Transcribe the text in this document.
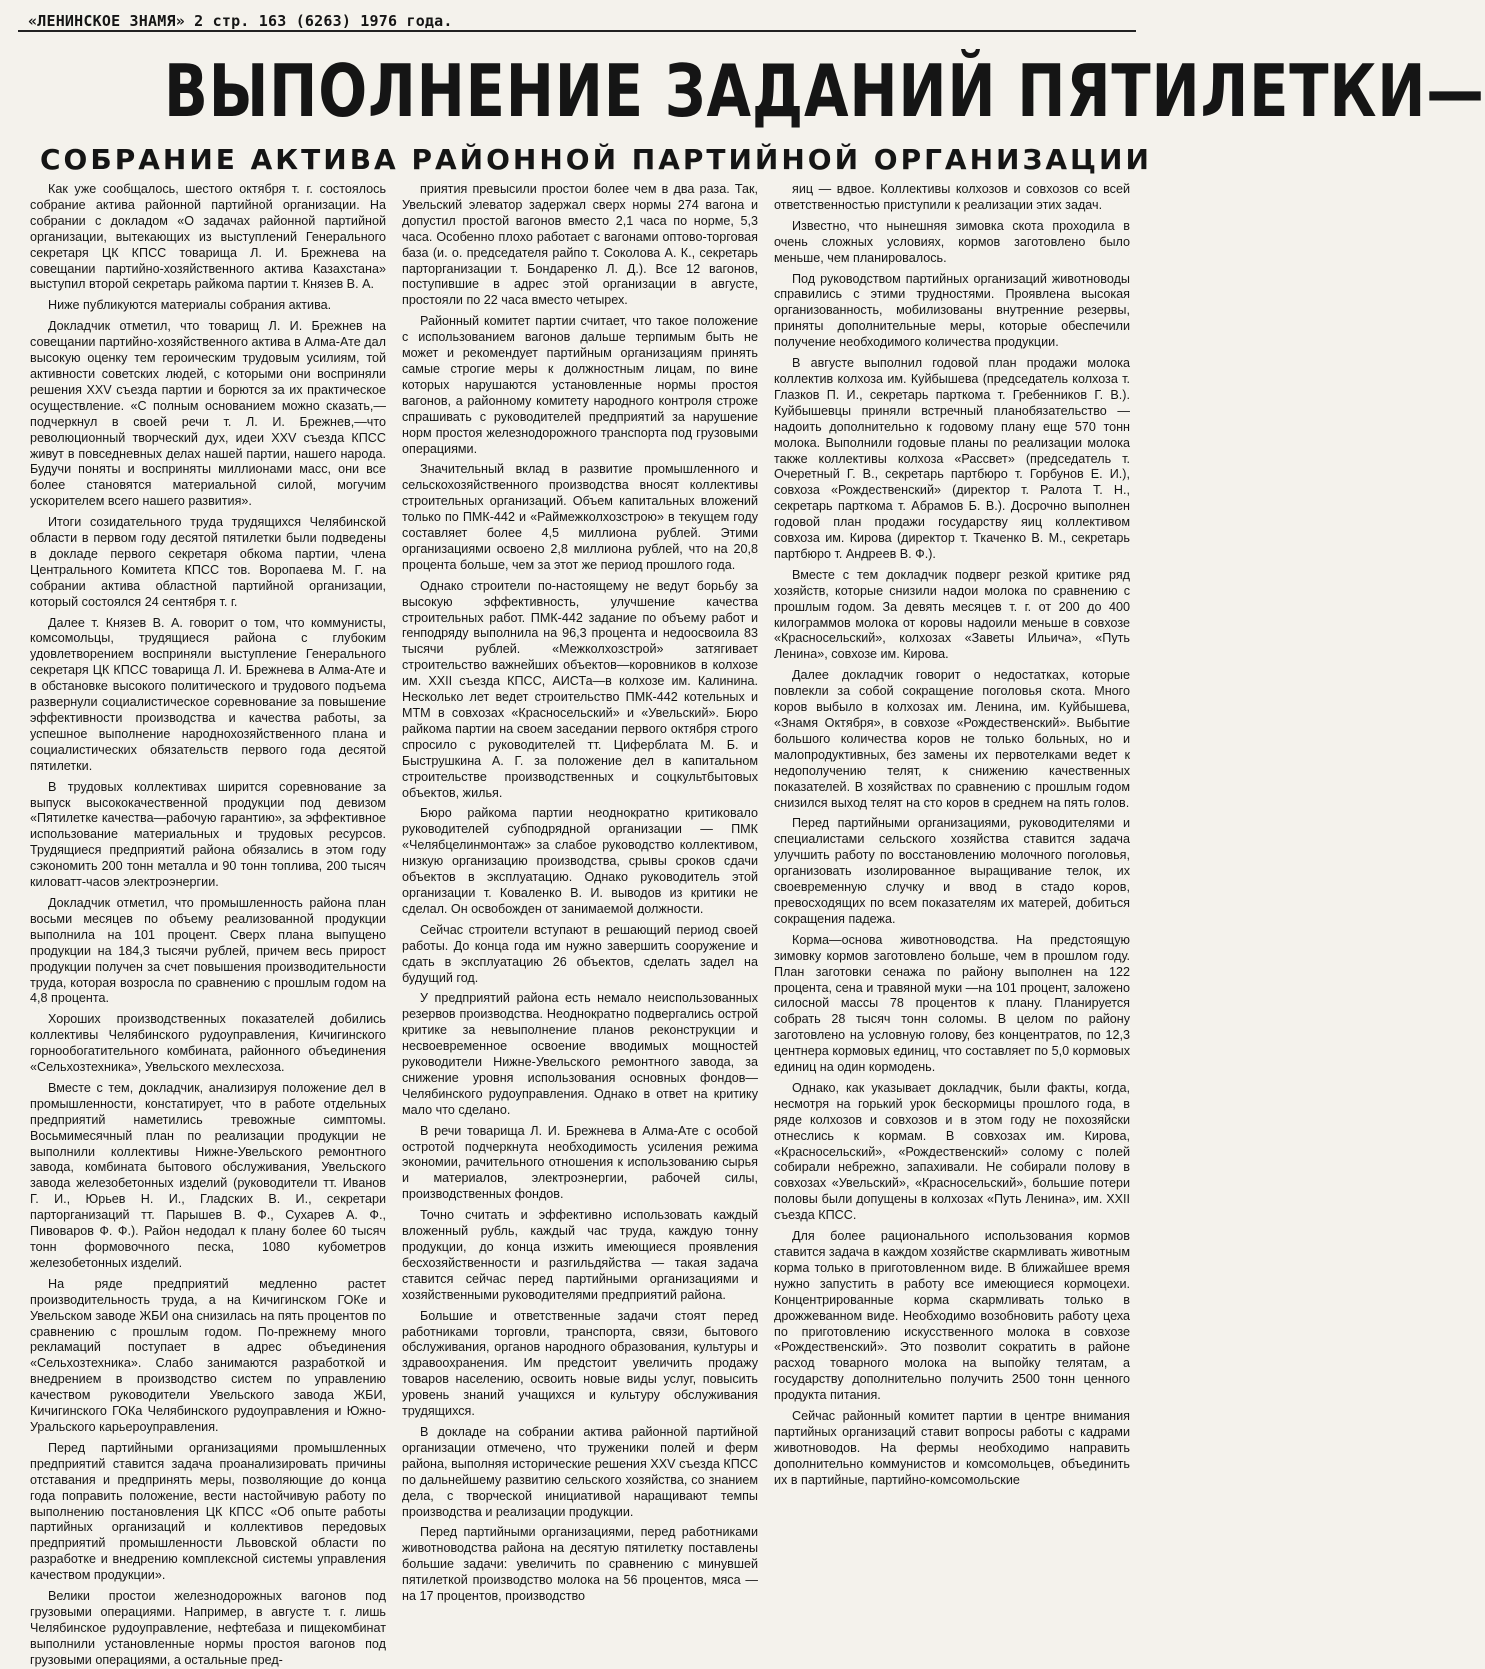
«ЛЕНИНСКОЕ ЗНАМЯ» 2 стр. 163 (6263) 1976 года.
ВЫПОЛНЕНИЕ ЗАДАНИЙ ПЯТИЛЕТКИ—
СОБРАНИЕ АКТИВА РАЙОННОЙ ПАРТИЙНОЙ ОРГАНИЗАЦИИ

Как уже сообщалось, шестого октября т. г. состоялось собрание актива районной партийной организации. На собрании с докладом «О задачах районной партийной организации, вытекающих из выступлений Генерального секретаря ЦК КПСС товарища Л. И. Брежнева на совещании партийно-хозяйственного актива Казахстана» выступил второй секретарь райкома партии т. Князев В. А.

Ниже публикуются материалы собрания актива.

Докладчик отметил, что товарищ Л. И. Брежнев на совещании партийно-хозяйственного актива в Алма-Ате дал высокую оценку тем героическим трудовым усилиям, той активности советских людей, с которыми они восприняли решения XXV съезда партии и борются за их практическое осуществление. «С полным основанием можно сказать,—подчеркнул в своей речи т. Л. И. Брежнев,—что революционный творческий дух, идеи XXV съезда КПСС живут в повседневных делах нашей партии, нашего народа. Будучи поняты и восприняты миллионами масс, они все более становятся материальной силой, могучим ускорителем всего нашего развития».

Итоги созидательного труда трудящихся Челябинской области в первом году десятой пятилетки были подведены в докладе первого секретаря обкома партии, члена Центрального Комитета КПСС тов. Воропаева М. Г. на собрании актива областной партийной организации, который состоялся 24 сентября т. г.

Далее т. Князев В. А. говорит о том, что коммунисты, комсомольцы, трудящиеся района с глубоким удовлетворением восприняли выступление Генерального секретаря ЦК КПСС товарища Л. И. Брежнева в Алма-Ате и в обстановке высокого политического и трудового подъема развернули социалистическое соревнование за повышение эффективности производства и качества работы, за успешное выполнение народнохозяйственного плана и социалистических обязательств первого года десятой пятилетки.

В трудовых коллективах ширится соревнование за выпуск высококачественной продукции под девизом «Пятилетке качества—рабочую гарантию», за эффективное использование материальных и трудовых ресурсов. Трудящиеся предприятий района обязались в этом году сэкономить 200 тонн металла и 90 тонн топлива, 200 тысяч киловатт-часов электроэнергии.

Докладчик отметил, что промышленность района план восьми месяцев по объему реализованной продукции выполнила на 101 процент. Сверх плана выпущено продукции на 184,3 тысячи рублей, причем весь прирост продукции получен за счет повышения производительности труда, которая возросла по сравнению с прошлым годом на 4,8 процента.

Хороших производственных показателей добились коллективы Челябинского рудоуправления, Кичигинского горнообогатительного комбината, районного объединения «Сельхозтехника», Увельского мехлесхоза.

Вместе с тем, докладчик, анализируя положение дел в промышленности, констатирует, что в работе отдельных предприятий наметились тревожные симптомы. Восьмимесячный план по реализации продукции не выполнили коллективы Нижне-Увельского ремонтного завода, комбината бытового обслуживания, Увельского завода железобетонных изделий (руководители тт. Иванов Г. И., Юрьев Н. И., Гладских В. И., секретари парторганизаций тт. Парышев В. Ф., Сухарев А. Ф., Пивоваров Ф. Ф.). Район недодал к плану более 60 тысяч тонн формовочного песка, 1080 кубометров железобетонных изделий.

На ряде предприятий медленно растет производительность труда, а на Кичигинском ГОКе и Увельском заводе ЖБИ она снизилась на пять процентов по сравнению с прошлым годом. По-прежнему много рекламаций поступает в адрес объединения «Сельхозтехника». Слабо занимаются разработкой и внедрением в производство систем по управлению качеством руководители Увельского завода ЖБИ, Кичигинского ГОКа Челябинского рудоуправления и Южно-Уральского карьероуправления.

Перед партийными организациями промышленных предприятий ставится задача проанализировать причины отставания и предпринять меры, позволяющие до конца года поправить положение, вести настойчивую работу по выполнению постановления ЦК КПСС «Об опыте работы партийных организаций и коллективов передовых предприятий промышленности Львовской области по разработке и внедрению комплексной системы управления качеством продукции».

Велики простои железнодорожных вагонов под грузовыми операциями. Например, в августе т. г. лишь Челябинское рудоуправление, нефтебаза и пищекомбинат выполнили установленные нормы простоя вагонов под грузовыми операциями, а остальные пред-

приятия превысили простои более чем в два раза. Так, Увельский элеватор задержал сверх нормы 274 вагона и допустил простой вагонов вместо 2,1 часа по норме, 5,3 часа. Особенно плохо работает с вагонами оптово-торговая база (и. о. председателя райпо т. Соколова А. К., секретарь парторганизации т. Бондаренко Л. Д.). Все 12 вагонов, поступившие в адрес этой организации в августе, простояли по 22 часа вместо четырех.

Районный комитет партии считает, что такое положение с использованием вагонов дальше терпимым быть не может и рекомендует партийным организациям принять самые строгие меры к должностным лицам, по вине которых нарушаются установленные нормы простоя вагонов, а районному комитету народного контроля строже спрашивать с руководителей предприятий за нарушение норм простоя железнодорожного транспорта под грузовыми операциями.

Значительный вклад в развитие промышленного и сельскохозяйственного производства вносят коллективы строительных организаций. Объем капитальных вложений только по ПМК-442 и «Раймежколхозстрою» в текущем году составляет более 4,5 миллиона рублей. Этими организациями освоено 2,8 миллиона рублей, что на 20,8 процента больше, чем за этот же период прошлого года.

Однако строители по-настоящему не ведут борьбу за высокую эффективность, улучшение качества строительных работ. ПМК-442 задание по объему работ и генподряду выполнила на 96,3 процента и недоосвоила 83 тысячи рублей. «Межколхозстрой» затягивает строительство важнейших объектов—коровников в колхозе им. XXII съезда КПСС, АИСТа—в колхозе им. Калинина. Несколько лет ведет строительство ПМК-442 котельных и МТМ в совхозах «Красносельский» и «Увельский». Бюро райкома партии на своем заседании первого октября строго спросило с руководителей тт. Циферблата М. Б. и Быструшкина А. Г. за положение дел в капитальном строительстве производственных и соцкультбытовых объектов, жилья.

Бюро райкома партии неоднократно критиковало руководителей субподрядной организации — ПМК «Челябцелинмонтаж» за слабое руководство коллективом, низкую организацию производства, срывы сроков сдачи объектов в эксплуатацию. Однако руководитель этой организации т. Коваленко В. И. выводов из критики не сделал. Он освобожден от занимаемой должности.

Сейчас строители вступают в решающий период своей работы. До конца года им нужно завершить сооружение и сдать в эксплуатацию 26 объектов, сделать задел на будущий год.

У предприятий района есть немало неиспользованных резервов производства. Неоднократно подвергались острой критике за невыполнение планов реконструкции и несвоевременное освоение вводимых мощностей руководители Нижне-Увельского ремонтного завода, за снижение уровня использования основных фондов— Челябинского рудоуправления. Однако в ответ на критику мало что сделано.

В речи товарища Л. И. Брежнева в Алма-Ате с особой остротой подчеркнута необходимость усиления режима экономии, рачительного отношения к использованию сырья и материалов, электроэнергии, рабочей силы, производственных фондов.

Точно считать и эффективно использовать каждый вложенный рубль, каждый час труда, каждую тонну продукции, до конца изжить имеющиеся проявления бесхозяйственности и разгильдяйства — такая задача ставится сейчас перед партийными организациями и хозяйственными руководителями предприятий района.

Большие и ответственные задачи стоят перед работниками торговли, транспорта, связи, бытового обслуживания, органов народного образования, культуры и здравоохранения. Им предстоит увеличить продажу товаров населению, освоить новые виды услуг, повысить уровень знаний учащихся и культуру обслуживания трудящихся.

В докладе на собрании актива районной партийной организации отмечено, что труженики полей и ферм района, выполняя исторические решения XXV съезда КПСС по дальнейшему развитию сельского хозяйства, со знанием дела, с творческой инициативой наращивают темпы производства и реализации продукции.

Перед партийными организациями, перед работниками животноводства района на десятую пятилетку поставлены большие задачи: увеличить по сравнению с минувшей пятилеткой производство молока на 56 процентов, мяса — на 17 процентов, производство

яиц — вдвое. Коллективы колхозов и совхозов со всей ответственностью приступили к реализации этих задач.

Известно, что нынешняя зимовка скота проходила в очень сложных условиях, кормов заготовлено было меньше, чем планировалось.

Под руководством партийных организаций животноводы справились с этими трудностями. Проявлена высокая организованность, мобилизованы внутренние резервы, приняты дополнительные меры, которые обеспечили получение необходимого количества продукции.

В августе выполнил годовой план продажи молока коллектив колхоза им. Куйбышева (председатель колхоза т. Глазков П. И., секретарь парткома т. Гребенников Г. В.). Куйбышевцы приняли встречный планобязательство — надоить дополнительно к годовому плану еще 570 тонн молока. Выполнили годовые планы по реализации молока также коллективы колхоза «Рассвет» (председатель т. Очеретный Г. В., секретарь партбюро т. Горбунов Е. И.), совхоза «Рождественский» (директор т. Ралота Т. Н., секретарь парткома т. Абрамов Б. В.). Досрочно выполнен годовой план продажи государству яиц коллективом совхоза им. Кирова (директор т. Ткаченко В. М., секретарь партбюро т. Андреев В. Ф.).

Вместе с тем докладчик подверг резкой критике ряд хозяйств, которые снизили надои молока по сравнению с прошлым годом. За девять месяцев т. г. от 200 до 400 килограммов молока от коровы надоили меньше в совхозе «Красносельский», колхозах «Заветы Ильича», «Путь Ленина», совхозе им. Кирова.

Далее докладчик говорит о недостатках, которые повлекли за собой сокращение поголовья скота. Много коров выбыло в колхозах им. Ленина, им. Куйбышева, «Знамя Октября», в совхозе «Рождественский». Выбытие большого количества коров не только больных, но и малопродуктивных, без замены их первотелками ведет к недополучению телят, к снижению качественных показателей. В хозяйствах по сравнению с прошлым годом снизился выход телят на сто коров в среднем на пять голов.

Перед партийными организациями, руководителями и специалистами сельского хозяйства ставится задача улучшить работу по восстановлению молочного поголовья, организовать изолированное выращивание телок, их своевременную случку и ввод в стадо коров, превосходящих по всем показателям их матерей, добиться сокращения падежа.

Корма—основа животноводства. На предстоящую зимовку кормов заготовлено больше, чем в прошлом году. План заготовки сенажа по району выполнен на 122 процента, сена и травяной муки —на 101 процент, заложено силосной массы 78 процентов к плану. Планируется собрать 28 тысяч тонн соломы. В целом по району заготовлено на условную голову, без концентратов, по 12,3 центнера кормовых единиц, что составляет по 5,0 кормовых единиц на один кормодень.

Однако, как указывает докладчик, были факты, когда, несмотря на горький урок бескормицы прошлого года, в ряде колхозов и совхозов и в этом году не похозяйски отнеслись к кормам. В совхозах им. Кирова, «Красносельский», «Рождественский» солому с полей собирали небрежно, запахивали. Не собирали полову в совхозах «Увельский», «Красносельский», большие потери половы были допущены в колхозах «Путь Ленина», им. XXII съезда КПСС.

Для более рационального использования кормов ставится задача в каждом хозяйстве скармливать животным корма только в приготовленном виде. В ближайшее время нужно запустить в работу все имеющиеся кормоцехи. Концентрированные корма скармливать только в дрожжеванном виде. Необходимо возобновить работу цеха по приготовлению искусственного молока в совхозе «Рождественский». Это позволит сократить в районе расход товарного молока на выпойку телятам, а государству дополнительно получить 2500 тонн ценного продукта питания.

Сейчас районный комитет партии в центре внимания партийных организаций ставит вопросы работы с кадрами животноводов. На фермы необходимо направить дополнительно коммунистов и комсомольцев, объединить их в партийные, партийно-комсомольские
